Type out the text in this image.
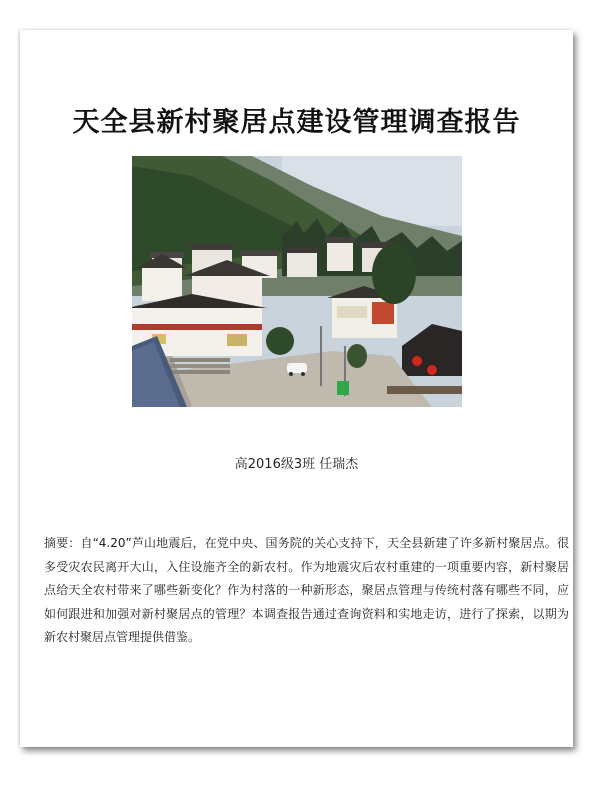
天全县新村聚居点建设管理调查报告
高2016级3班 任瑞杰

摘要：自“4.20”芦山地震后，在党中央、国务院的关心支持下，天全县新建了许多新村聚居点。很多受灾农民离开大山，入住设施齐全的新农村。作为地震灾后农村重建的一项重要内容，新村聚居点给天全农村带来了哪些新变化？作为村落的一种新形态，聚居点管理与传统村落有哪些不同，应如何跟进和加强对新村聚居点的管理？本调查报告通过查询资料和实地走访，进行了探索，以期为新农村聚居点管理提供借鉴。
